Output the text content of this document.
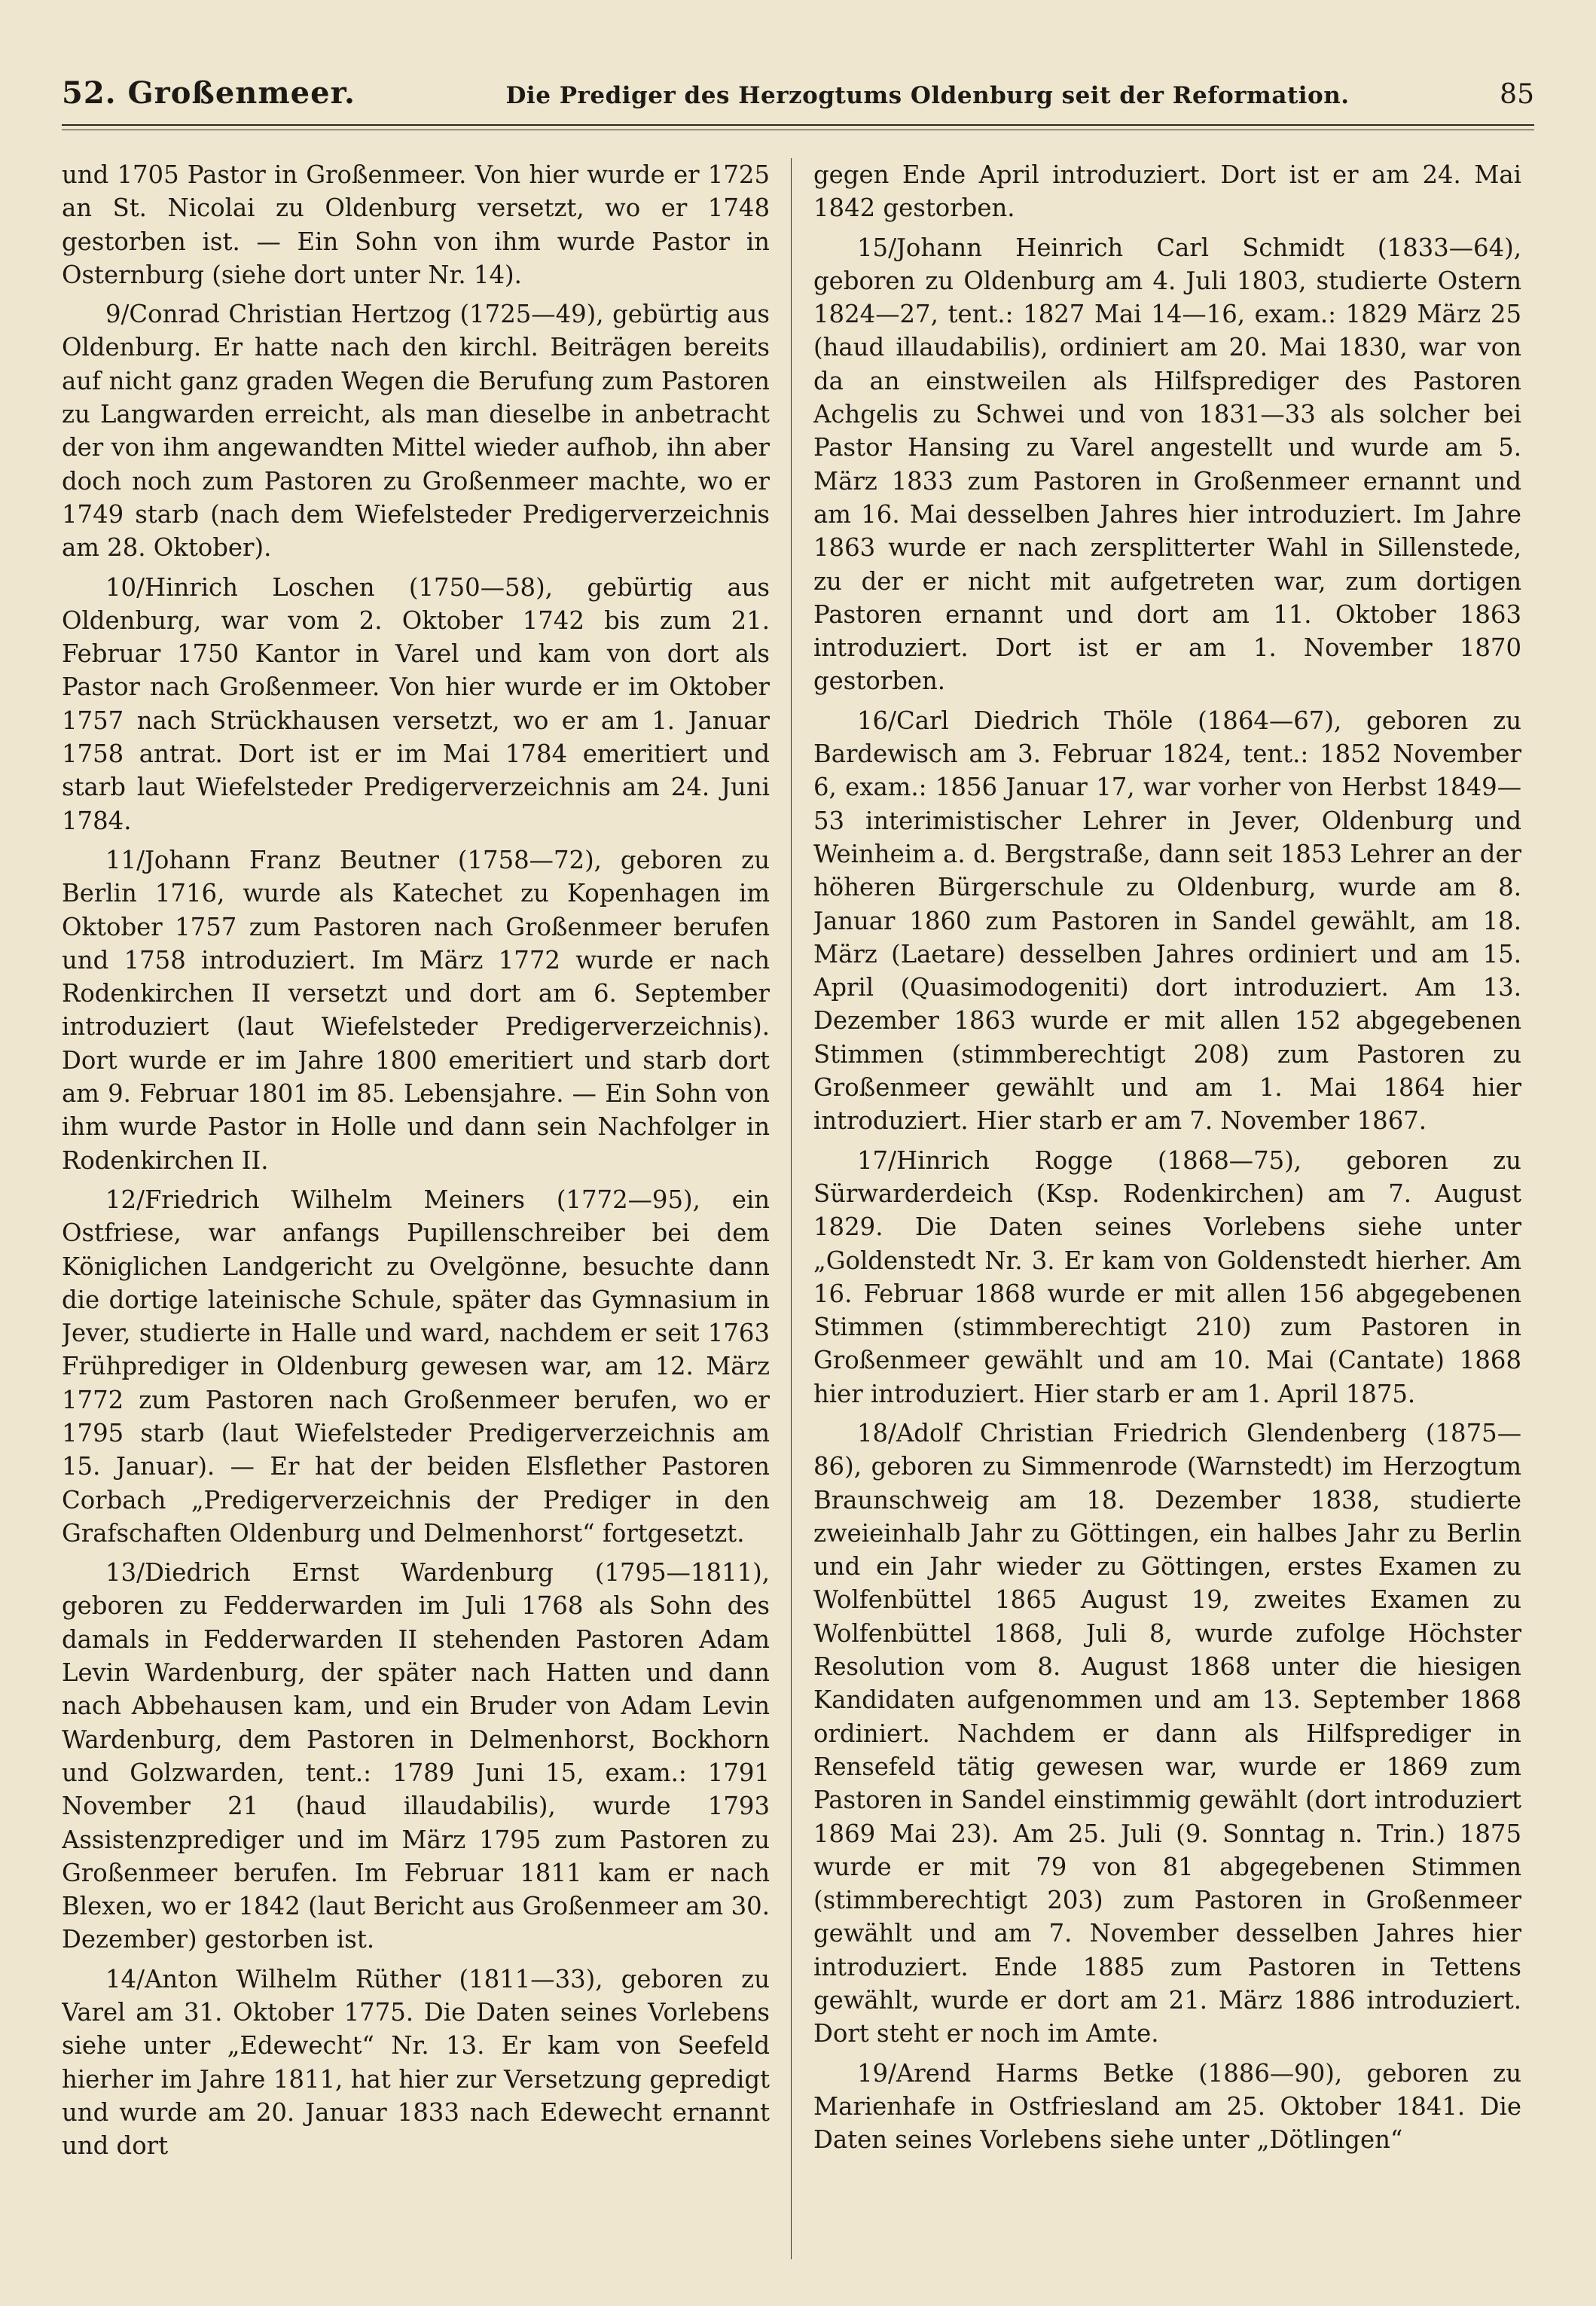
52. Großenmeer.	Die Prediger des Herzogtums Oldenburg seit der Reformation.	85

und 1705 Pastor in Großenmeer. Von hier wurde er 1725 an St. Nicolai zu Oldenburg versetzt, wo er 1748 gestorben ist. — Ein Sohn von ihm wurde Pastor in Osternburg (siehe dort unter Nr. 14).

9/Conrad Christian Hertzog (1725—49), gebürtig aus Oldenburg. Er hatte nach den kirchl. Beiträgen bereits auf nicht ganz graden Wegen die Berufung zum Pastoren zu Langwarden erreicht, als man dieselbe in anbetracht der von ihm angewandten Mittel wieder aufhob, ihn aber doch noch zum Pastoren zu Großenmeer machte, wo er 1749 starb (nach dem Wiefelsteder Predigerverzeichnis am 28. Oktober).

10/Hinrich Loschen (1750—58), gebürtig aus Oldenburg, war vom 2. Oktober 1742 bis zum 21. Februar 1750 Kantor in Varel und kam von dort als Pastor nach Großenmeer. Von hier wurde er im Oktober 1757 nach Strückhausen versetzt, wo er am 1. Januar 1758 antrat. Dort ist er im Mai 1784 emeritiert und starb laut Wiefelsteder Predigerverzeichnis am 24. Juni 1784.

11/Johann Franz Beutner (1758—72), geboren zu Berlin 1716, wurde als Katechet zu Kopenhagen im Oktober 1757 zum Pastoren nach Großenmeer berufen und 1758 introduziert. Im März 1772 wurde er nach Rodenkirchen II versetzt und dort am 6. September introduziert (laut Wiefelsteder Predigerverzeichnis). Dort wurde er im Jahre 1800 emeritiert und starb dort am 9. Februar 1801 im 85. Lebensjahre. — Ein Sohn von ihm wurde Pastor in Holle und dann sein Nachfolger in Rodenkirchen II.

12/Friedrich Wilhelm Meiners (1772—95), ein Ostfriese, war anfangs Pupillenschreiber bei dem Königlichen Landgericht zu Ovelgönne, besuchte dann die dortige lateinische Schule, später das Gymnasium in Jever, studierte in Halle und ward, nachdem er seit 1763 Frühprediger in Oldenburg gewesen war, am 12. März 1772 zum Pastoren nach Großenmeer berufen, wo er 1795 starb (laut Wiefelsteder Predigerverzeichnis am 15. Januar). — Er hat der beiden Elsflether Pastoren Corbach „Predigerverzeichnis der Prediger in den Grafschaften Oldenburg und Delmenhorst“ fortgesetzt.

13/Diedrich Ernst Wardenburg (1795—1811), geboren zu Fedderwarden im Juli 1768 als Sohn des damals in Fedderwarden II stehenden Pastoren Adam Levin Wardenburg, der später nach Hatten und dann nach Abbehausen kam, und ein Bruder von Adam Levin Wardenburg, dem Pastoren in Delmenhorst, Bockhorn und Golzwarden, tent.: 1789 Juni 15, exam.: 1791 November 21 (haud illaudabilis), wurde 1793 Assistenzprediger und im März 1795 zum Pastoren zu Großenmeer berufen. Im Februar 1811 kam er nach Blexen, wo er 1842 (laut Bericht aus Großenmeer am 30. Dezember) gestorben ist.

14/Anton Wilhelm Rüther (1811—33), geboren zu Varel am 31. Oktober 1775. Die Daten seines Vorlebens siehe unter „Edewecht“ Nr. 13. Er kam von Seefeld hierher im Jahre 1811, hat hier zur Versetzung gepredigt und wurde am 20. Januar 1833 nach Edewecht ernannt und dort

gegen Ende April introduziert. Dort ist er am 24. Mai 1842 gestorben.

15/Johann Heinrich Carl Schmidt (1833—64), geboren zu Oldenburg am 4. Juli 1803, studierte Ostern 1824—27, tent.: 1827 Mai 14—16, exam.: 1829 März 25 (haud illaudabilis), ordiniert am 20. Mai 1830, war von da an einstweilen als Hilfsprediger des Pastoren Achgelis zu Schwei und von 1831—33 als solcher bei Pastor Hansing zu Varel angestellt und wurde am 5. März 1833 zum Pastoren in Großenmeer ernannt und am 16. Mai desselben Jahres hier introduziert. Im Jahre 1863 wurde er nach zersplitterter Wahl in Sillenstede, zu der er nicht mit aufgetreten war, zum dortigen Pastoren ernannt und dort am 11. Oktober 1863 introduziert. Dort ist er am 1. November 1870 gestorben.

16/Carl Diedrich Thöle (1864—67), geboren zu Bardewisch am 3. Februar 1824, tent.: 1852 November 6, exam.: 1856 Januar 17, war vorher von Herbst 1849—53 interimistischer Lehrer in Jever, Oldenburg und Weinheim a. d. Bergstraße, dann seit 1853 Lehrer an der höheren Bürgerschule zu Oldenburg, wurde am 8. Januar 1860 zum Pastoren in Sandel gewählt, am 18. März (Laetare) desselben Jahres ordiniert und am 15. April (Quasimodogeniti) dort introduziert. Am 13. Dezember 1863 wurde er mit allen 152 abgegebenen Stimmen (stimmberechtigt 208) zum Pastoren zu Großenmeer gewählt und am 1. Mai 1864 hier introduziert. Hier starb er am 7. November 1867.

17/Hinrich Rogge (1868—75), geboren zu Sürwarderdeich (Ksp. Rodenkirchen) am 7. August 1829. Die Daten seines Vorlebens siehe unter „Goldenstedt Nr. 3. Er kam von Goldenstedt hierher. Am 16. Februar 1868 wurde er mit allen 156 abgegebenen Stimmen (stimmberechtigt 210) zum Pastoren in Großenmeer gewählt und am 10. Mai (Cantate) 1868 hier introduziert. Hier starb er am 1. April 1875.

18/Adolf Christian Friedrich Glendenberg (1875—86), geboren zu Simmenrode (Warnstedt) im Herzogtum Braunschweig am 18. Dezember 1838, studierte zweieinhalb Jahr zu Göttingen, ein halbes Jahr zu Berlin und ein Jahr wieder zu Göttingen, erstes Examen zu Wolfenbüttel 1865 August 19, zweites Examen zu Wolfenbüttel 1868, Juli 8, wurde zufolge Höchster Resolution vom 8. August 1868 unter die hiesigen Kandidaten aufgenommen und am 13. September 1868 ordiniert. Nachdem er dann als Hilfsprediger in Rensefeld tätig gewesen war, wurde er 1869 zum Pastoren in Sandel einstimmig gewählt (dort introduziert 1869 Mai 23). Am 25. Juli (9. Sonntag n. Trin.) 1875 wurde er mit 79 von 81 abgegebenen Stimmen (stimmberechtigt 203) zum Pastoren in Großenmeer gewählt und am 7. November desselben Jahres hier introduziert. Ende 1885 zum Pastoren in Tettens gewählt, wurde er dort am 21. März 1886 introduziert. Dort steht er noch im Amte.

19/Arend Harms Betke (1886—90), geboren zu Marienhafe in Ostfriesland am 25. Oktober 1841. Die Daten seines Vorlebens siehe unter „Dötlingen“
